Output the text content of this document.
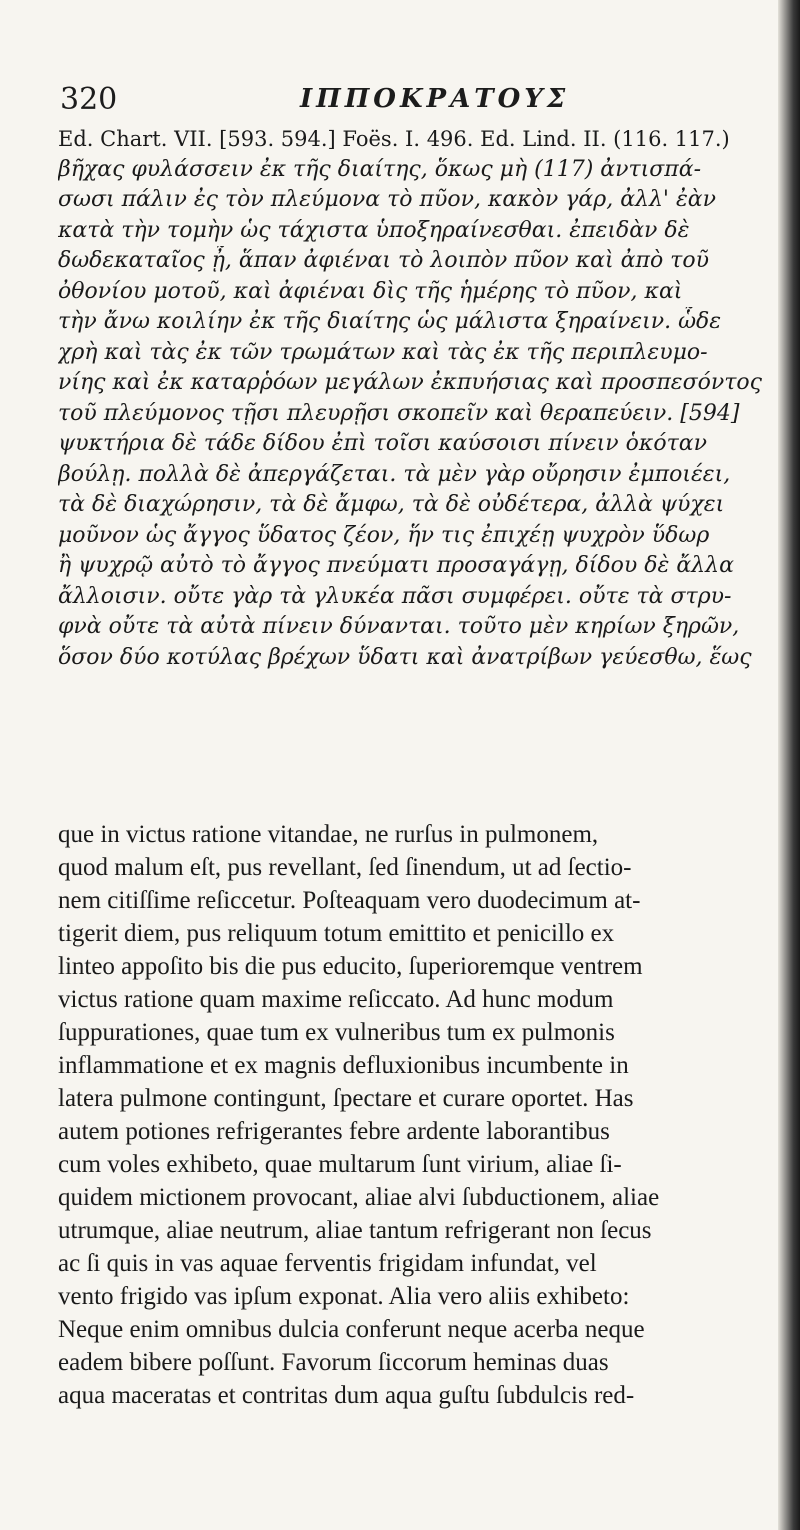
320	ΙΠΠΟΚΡΑΤΟΥΣ
Ed. Chart. VII. [593. 594.] Foës. I. 496. Ed. Lind. II. (116. 117.)
βῆχας φυλάσσειν ἐκ τῆς διαίτης, ὅκως μὴ (117) ἀντισπά-
σωσι πάλιν ἐς τὸν πλεύμονα τὸ πῦον, κακὸν γάρ, ἀλλ' ἐὰν
κατὰ τὴν τομὴν ὡς τάχιστα ὑποξηραίνεσθαι. ἐπειδὰν δὲ
δωδεκαταῖος ᾖ, ἅπαν ἀφιέναι τὸ λοιπὸν πῦον καὶ ἀπὸ τοῦ
ὀθονίου μοτοῦ, καὶ ἀφιέναι δὶς τῆς ἡμέρης τὸ πῦον, καὶ
τὴν ἄνω κοιλίην ἐκ τῆς διαίτης ὡς μάλιστα ξηραίνειν. ὧδε
χρὴ καὶ τὰς ἐκ τῶν τρωμάτων καὶ τὰς ἐκ τῆς περιπλευμο-
νίης καὶ ἐκ καταρῥόων μεγάλων ἐκπυήσιας καὶ προσπεσόντος
τοῦ πλεύμονος τῇσι πλευρῇσι σκοπεῖν καὶ θεραπεύειν. [594]
ψυκτήρια δὲ τάδε δίδου ἐπὶ τοῖσι καύσοισι πίνειν ὁκόταν
βούλῃ. πολλὰ δὲ ἀπεργάζεται. τὰ μὲν γὰρ οὔρησιν ἐμποιέει,
τὰ δὲ διαχώρησιν, τὰ δὲ ἄμφω, τὰ δὲ οὐδέτερα, ἀλλὰ ψύχει
μοῦνον ὡς ἄγγος ὕδατος ζέον, ἥν τις ἐπιχέῃ ψυχρὸν ὕδωρ
ἢ ψυχρῷ αὐτὸ τὸ ἄγγος πνεύματι προσαγάγῃ, δίδου δὲ ἄλλα
ἄλλοισιν. οὔτε γὰρ τὰ γλυκέα πᾶσι συμφέρει. οὔτε τὰ στρυ-
φνὰ οὔτε τὰ αὐτὰ πίνειν δύνανται. τοῦτο μὲν κηρίων ξηρῶν,
ὅσον δύο κοτύλας βρέχων ὕδατι καὶ ἀνατρίβων γεύεσθω, ἕως
que in victus ratione vitandae, ne rurſus in pulmonem,
quod malum eſt, pus revellant, ſed ſinendum, ut ad ſectio-
nem citiſſime reſiccetur. Poſteaquam vero duodecimum at-
tigerit diem, pus reliquum totum emittito et penicillo ex
linteo appoſito bis die pus educito, ſuperioremque ventrem
victus ratione quam maxime reſiccato. Ad hunc modum
ſuppurationes, quae tum ex vulneribus tum ex pulmonis
inflammatione et ex magnis defluxionibus incumbente in
latera pulmone contingunt, ſpectare et curare oportet. Has
autem potiones refrigerantes febre ardente laborantibus
cum voles exhibeto, quae multarum ſunt virium, aliae ſi-
quidem mictionem provocant, aliae alvi ſubductionem, aliae
utrumque, aliae neutrum, aliae tantum refrigerant non ſecus
ac ſi quis in vas aquae ferventis frigidam infundat, vel
vento frigido vas ipſum exponat. Alia vero aliis exhibeto:
Neque enim omnibus dulcia conferunt neque acerba neque
eadem bibere poſſunt. Favorum ſiccorum heminas duas
aqua maceratas et contritas dum aqua guſtu ſubdulcis red-
